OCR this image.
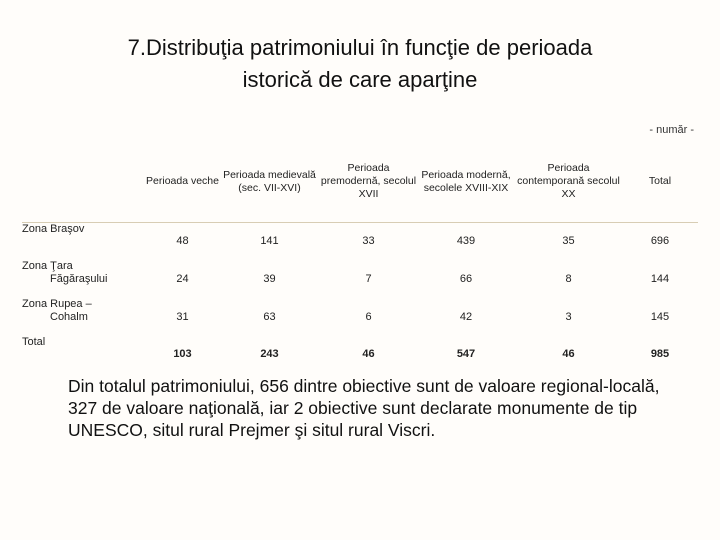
7.Distribuţia patrimoniului în funcţie de perioada
istorică de care aparţine
- număr -
	Perioada veche	Perioada medievală (sec. VII-XVI)	Perioada premodernă, secolul XVII	Perioada modernă, secolele XVIII-XIX	Perioada contemporană secolul XX	Total
Zona Braşov	48	141	33	439	35	696
Zona Ţara
Făgăraşului	24	39	7	66	8	144
Zona Rupea –
Cohalm	31	63	6	42	3	145
Total	103	243	46	547	46	985
Din totalul patrimoniului, 656 dintre obiective sunt de valoare regional-locală, 327 de valoare naţională, iar 2 obiective sunt declarate monumente de tip UNESCO, situl rural Prejmer şi situl rural Viscri.
